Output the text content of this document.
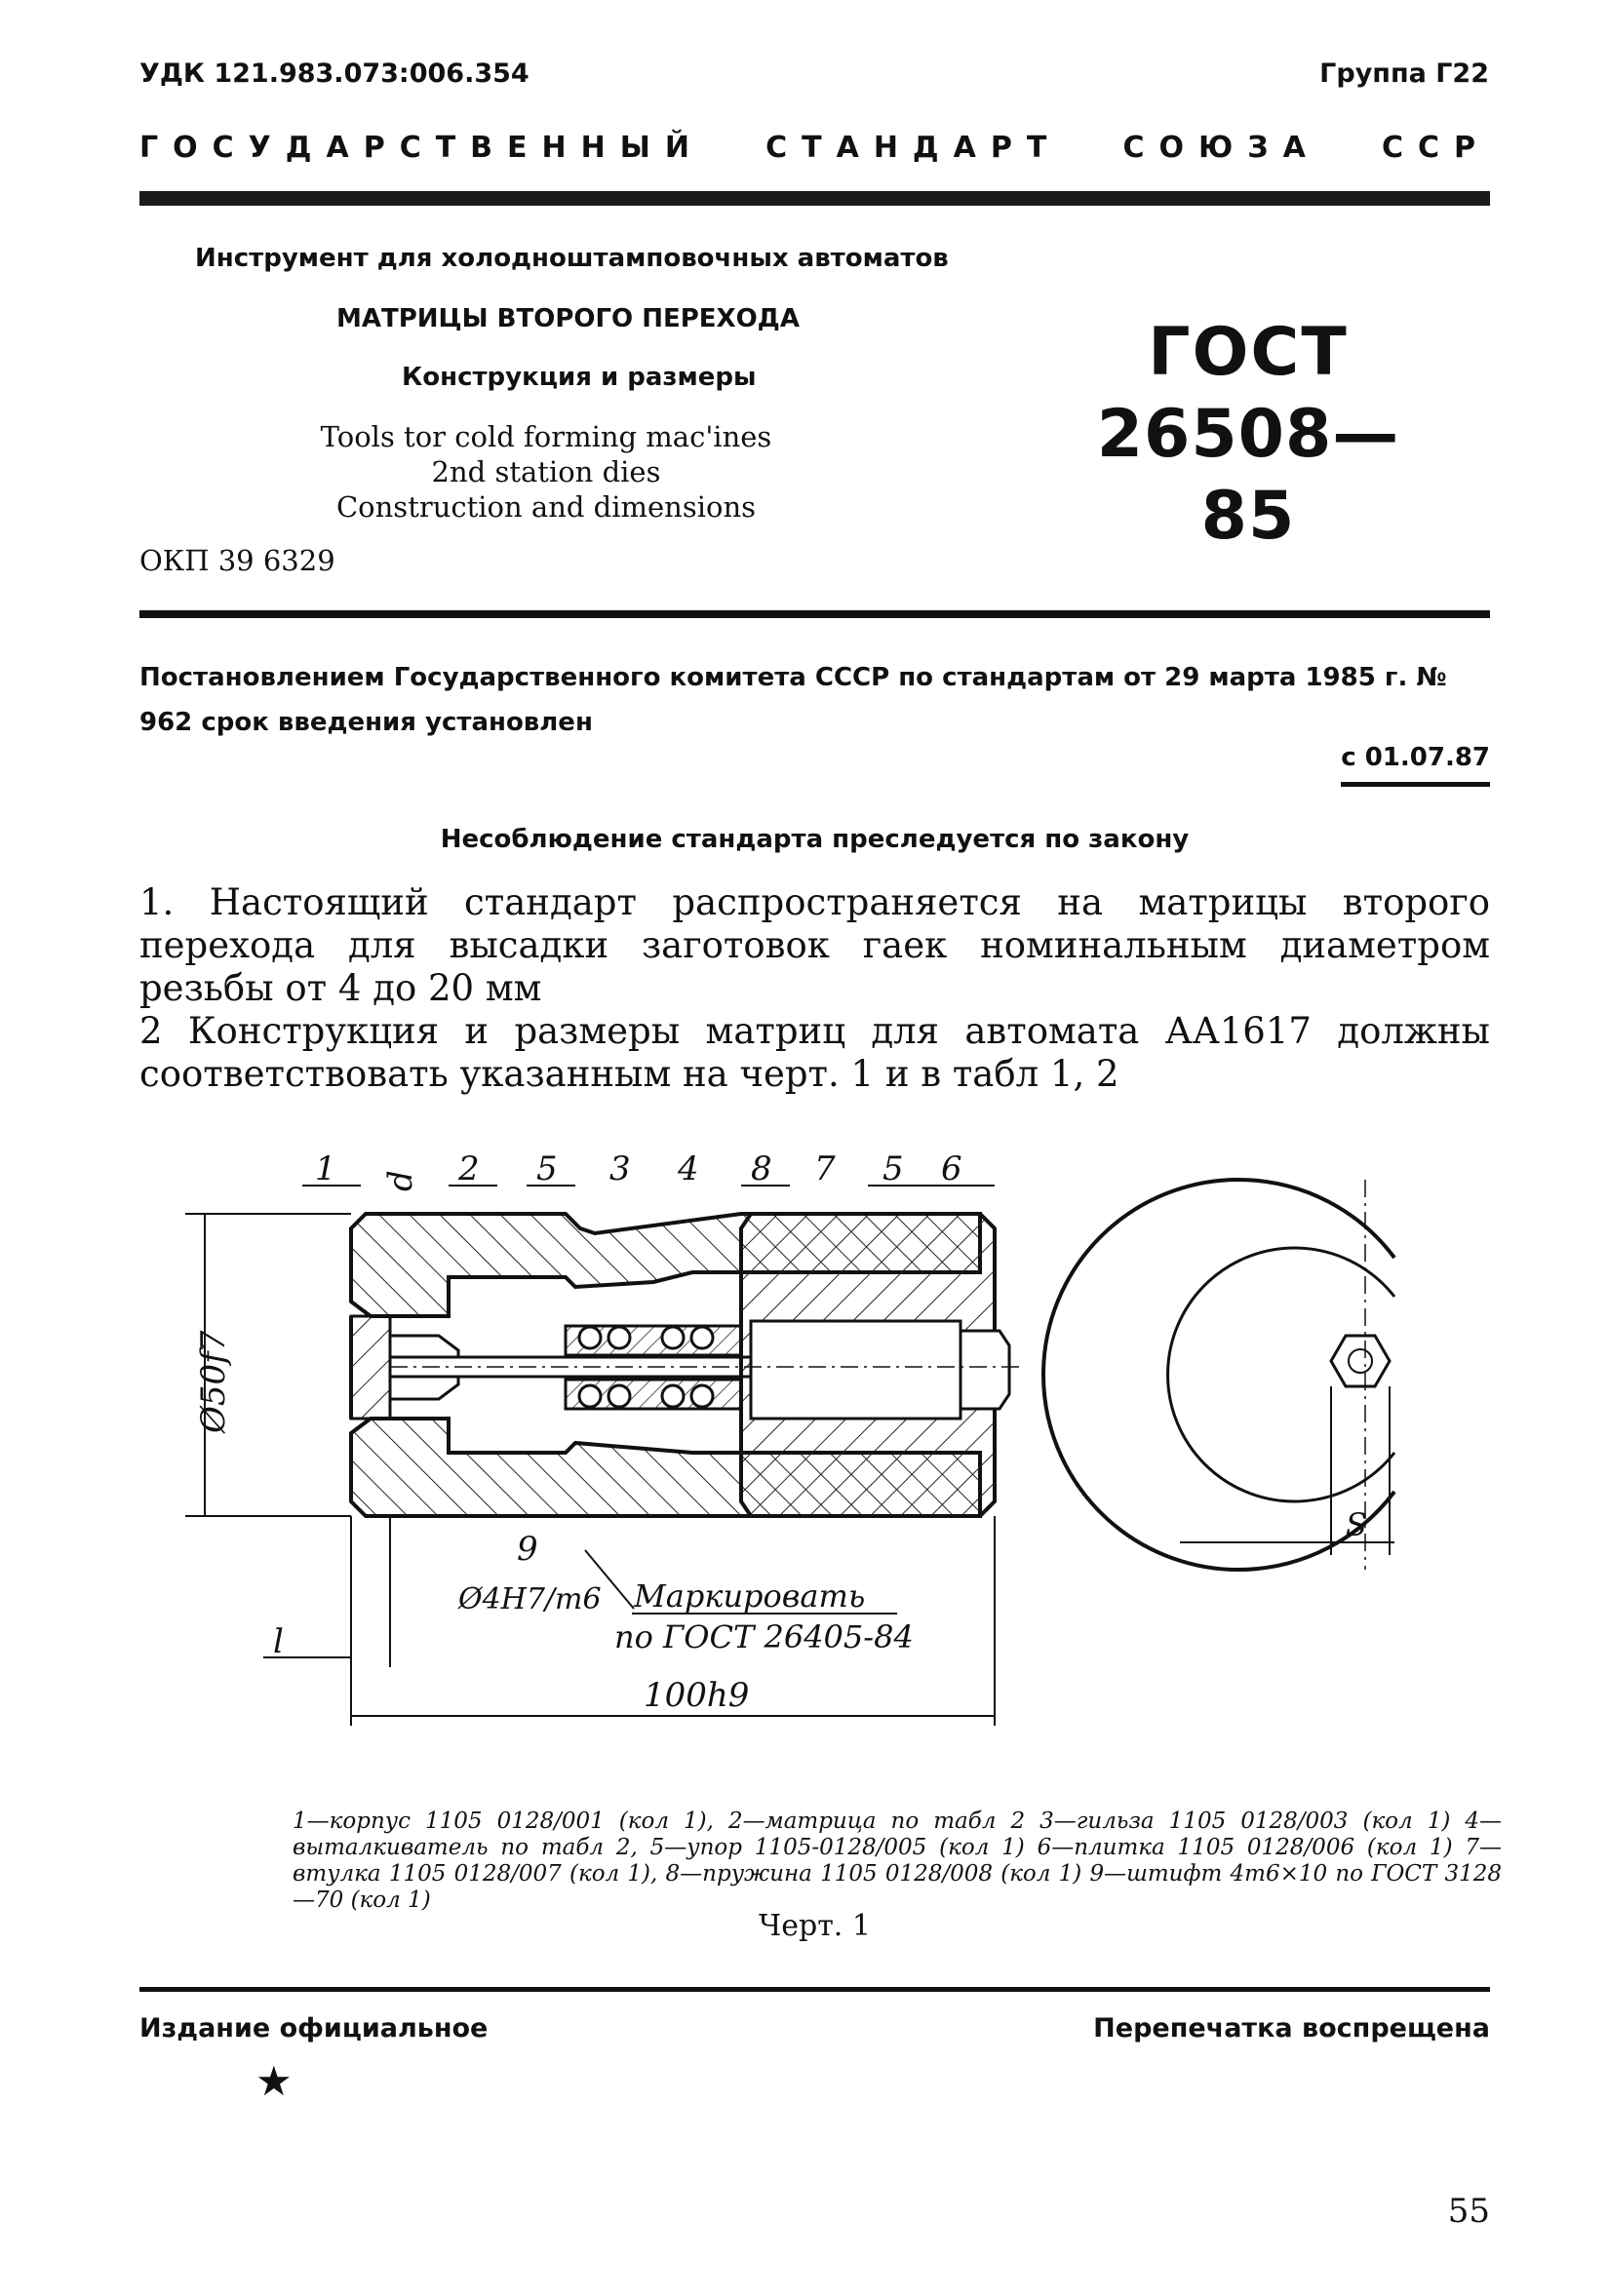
УДК 121.983.073:006.354	Группа Г22
ГОСУДАРСТВЕННЫЙ СТАНДАРТ СОЮЗА ССР
Инструмент для холодноштамповочных автоматов
МАТРИЦЫ ВТОРОГО ПЕРЕХОДА
Конструкция и размеры
Tools tor cold forming mac'ines
2nd station dies
Construction and dimensions
ГОСТ
26508—85
ОКП 39 6329
Постановлением Государственного комитета СССР по стандартам от 29 марта 1985 г. № 962 срок введения установлен
с 01.07.87
Несоблюдение стандарта преследуется по закону
1. Настоящий стандарт распространяется на матрицы второго перехода для высадки заготовок гаек номинальным диаметром резьбы от 4 до 20 мм
2 Конструкция и размеры матриц для автомата АА1617 должны соответствовать указанным на черт. 1 и в табл 1, 2
1 d 2 5 3 4 8 7 5 6
Ø50f7
9
Ø4H7/m6 Маркировать
по ГОСТ 26405-84
l
100h9
S
1—корпус 1105 0128/001 (кол 1), 2—матрица по табл 2 3—гильза 1105 0128/003 (кол 1) 4—выталкиватель по табл 2, 5—упор 1105-0128/005 (кол 1) 6—плитка 1105 0128/006 (кол 1) 7—втулка 1105 0128/007 (кол 1), 8—пружина 1105 0128/008 (кол 1) 9—штифт 4m6×10 по ГОСТ 3128—70 (кол 1)
Черт. 1
Издание официальное	Перепечатка воспрещена
★
55
